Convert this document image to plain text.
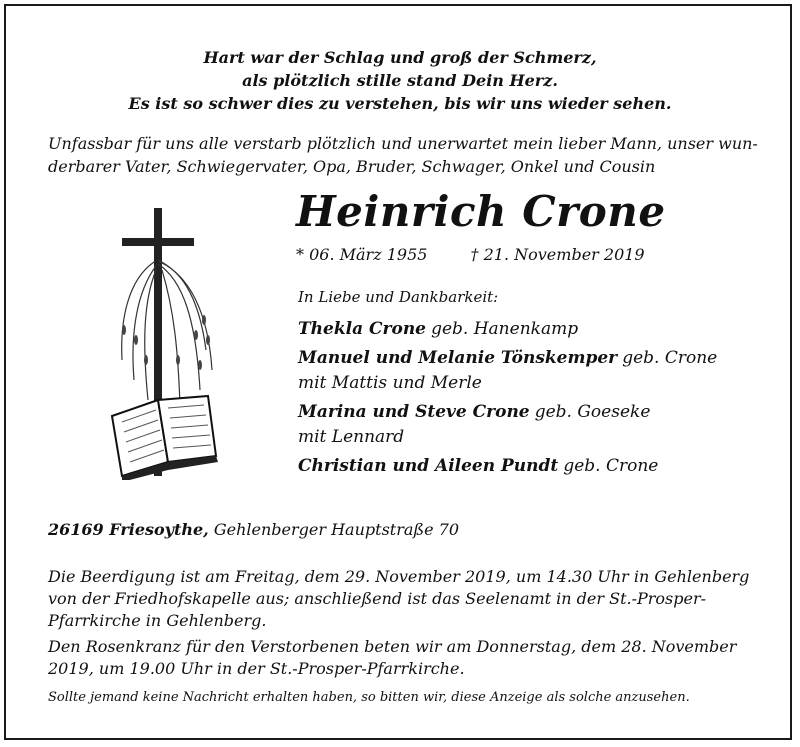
Hart war der Schlag und groß der Schmerz,
als plötzlich stille stand Dein Herz.
Es ist so schwer dies zu verstehen, bis wir uns wieder sehen.
Unfassbar für uns alle verstarb plötzlich und unerwartet mein lieber Mann, unser wun-
derbarer Vater, Schwiegervater, Opa, Bruder, Schwager, Onkel und Cousin
Heinrich Crone
* 06. März 1955	† 21. November 2019
In Liebe und Dankbarkeit:
Thekla Crone geb. Hanenkamp
Manuel und Melanie Tönskemper geb. Crone
mit Mattis und Merle
Marina und Steve Crone geb. Goeseke
mit Lennard
Christian und Aileen Pundt geb. Crone
26169 Friesoythe, Gehlenberger Hauptstraße 70

Die Beerdigung ist am Freitag, dem 29. November 2019, um 14.30 Uhr in Gehlenberg von der Friedhofskapelle aus; anschließend ist das Seelenamt in der St.-Prosper-Pfarrkirche in Gehlenberg.

Den Rosenkranz für den Verstorbenen beten wir am Donnerstag, dem 28. November 2019, um 19.00 Uhr in der St.-Prosper-Pfarrkirche.

Sollte jemand keine Nachricht erhalten haben, so bitten wir, diese Anzeige als solche anzusehen.
